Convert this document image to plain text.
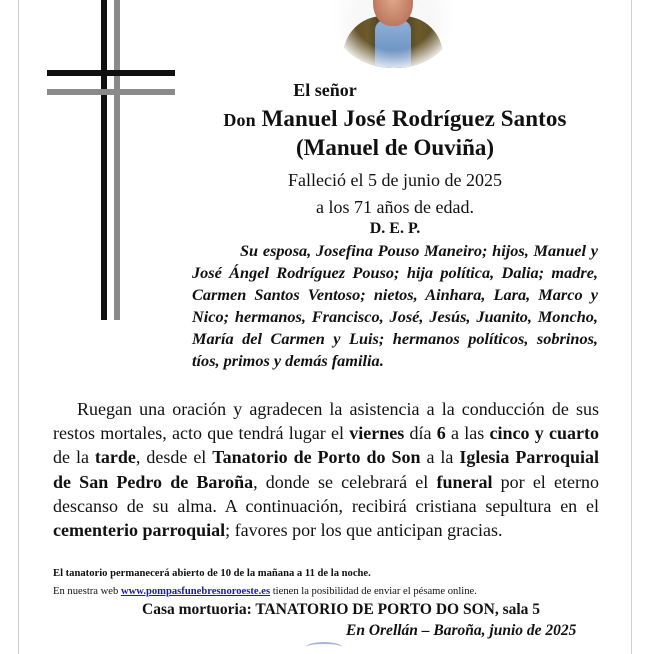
El señor
Don Manuel José Rodríguez Santos
(Manuel de Ouviña)
Falleció el 5 de junio de 2025
a los 71 años de edad.
D. E. P.
Su esposa, Josefina Pouso Maneiro; hijos, Manuel y José Ángel Rodríguez Pouso; hija política, Dalia; madre, Carmen Santos Ventoso; nietos, Ainhara, Lara, Marco y Nico; hermanos, Francisco, José, Jesús, Juanito, Moncho, María del Carmen y Luis; hermanos políticos, sobrinos, tíos, primos y demás familia.
Ruegan una oración y agradecen la asistencia a la conducción de sus restos mortales, acto que tendrá lugar el viernes día 6 a las cinco y cuarto de la tarde, desde el Tanatorio de Porto do Son a la Iglesia Parroquial de San Pedro de Baroña, donde se celebrará el funeral por el eterno descanso de su alma. A continuación, recibirá cristiana sepultura en el cementerio parroquial; favores por los que anticipan gracias.
El tanatorio permanecerá abierto de 10 de la mañana a 11 de la noche.
En nuestra web www.pompasfunebresnoroeste.es tienen la posibilidad de enviar el pésame online.
Casa mortuoria: TANATORIO DE PORTO DO SON, sala 5
En Orellán – Baroña, junio de 2025
